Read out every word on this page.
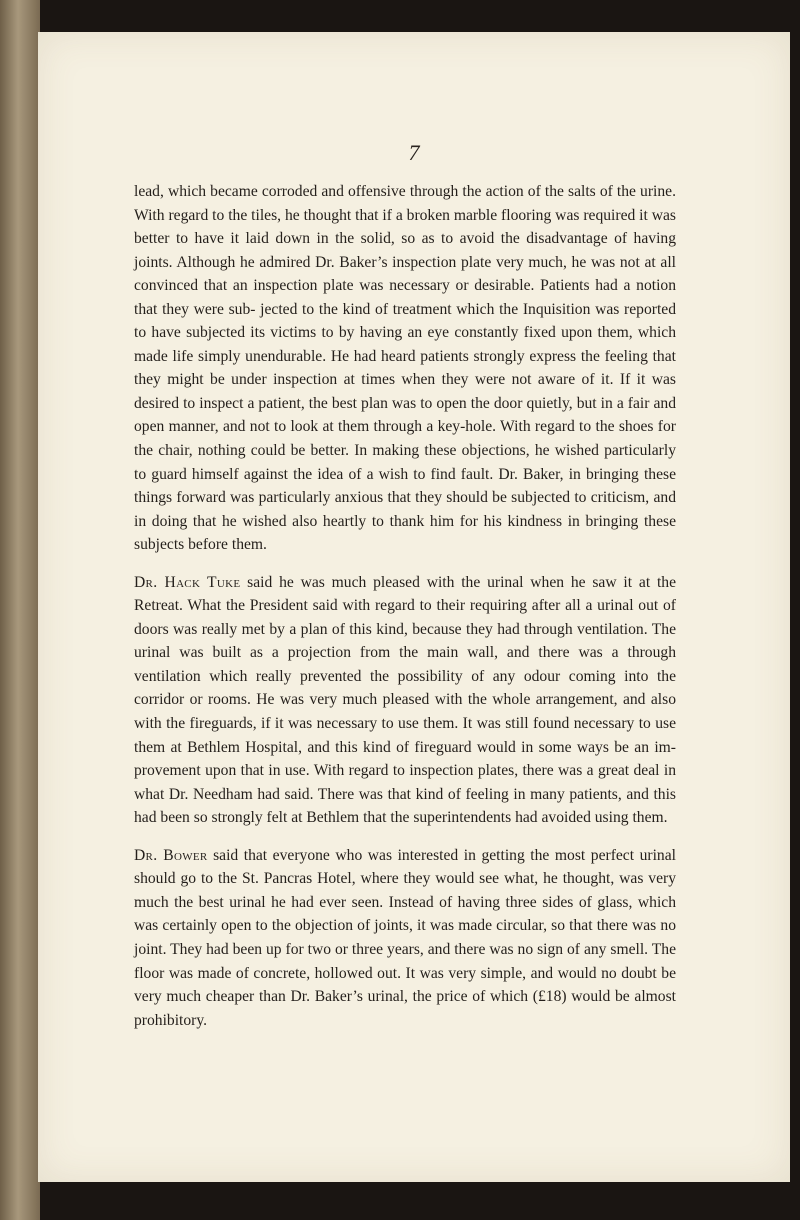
7

lead, which became corroded and offensive through the action of the salts of the urine. With regard to the tiles, he thought that if a broken marble flooring was required it was better to have it laid down in the solid, so as to avoid the disadvantage of having joints. Although he admired Dr. Baker’s inspection plate very much, he was not at all convinced that an inspection plate was necessary or desirable. Patients had a notion that they were sub- jected to the kind of treatment which the Inquisition was reported to have subjected its victims to by having an eye constantly fixed upon them, which made life simply unendurable. He had heard patients strongly express the feeling that they might be under inspection at times when they were not aware of it. If it was desired to inspect a patient, the best plan was to open the door quietly, but in a fair and open manner, and not to look at them through a key-hole. With regard to the shoes for the chair, nothing could be better. In making these objections, he wished particularly to guard himself against the idea of a wish to find fault. Dr. Baker, in bringing these things forward was particularly anxious that they should be subjected to criticism, and in doing that he wished also heartly to thank him for his kindness in bringing these subjects before them.

Dr. Hack Tuke said he was much pleased with the urinal when he saw it at the Retreat. What the President said with regard to their requiring after all a urinal out of doors was really met by a plan of this kind, because they had through ventilation. The urinal was built as a projection from the main wall, and there was a through ventilation which really prevented the possibility of any odour coming into the corridor or rooms. He was very much pleased with the whole arrangement, and also with the fireguards, if it was necessary to use them. It was still found necessary to use them at Bethlem Hospital, and this kind of fireguard would in some ways be an im- provement upon that in use. With regard to inspection plates, there was a great deal in what Dr. Needham had said. There was that kind of feeling in many patients, and this had been so strongly felt at Bethlem that the superintendents had avoided using them.

Dr. Bower said that everyone who was interested in getting the most perfect urinal should go to the St. Pancras Hotel, where they would see what, he thought, was very much the best urinal he had ever seen. Instead of having three sides of glass, which was certainly open to the objection of joints, it was made circular, so that there was no joint. They had been up for two or three years, and there was no sign of any smell. The floor was made of concrete, hollowed out. It was very simple, and would no doubt be very much cheaper than Dr. Baker’s urinal, the price of which (£18) would be almost prohibitory.
